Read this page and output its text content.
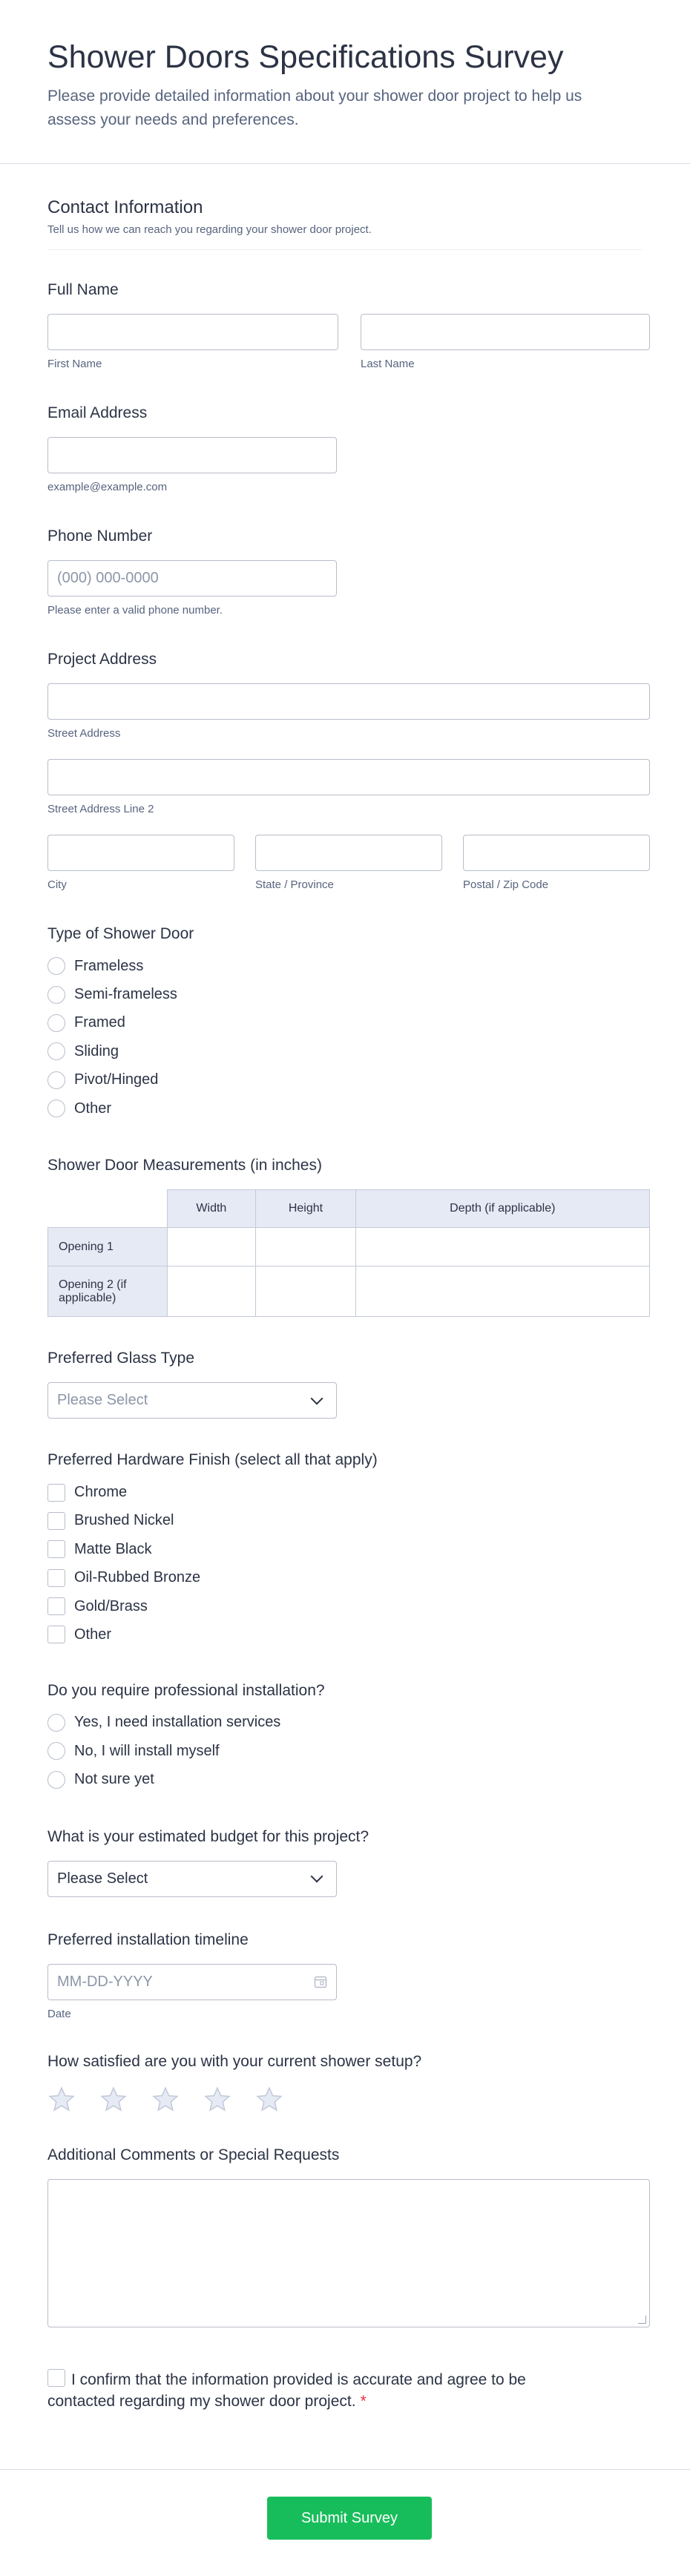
Shower Doors Specifications Survey

Please provide detailed information about your shower door project to help us assess your needs and preferences.

Contact Information
Tell us how we can reach you regarding your shower door project.
Full Name
First Name	Last Name
Email Address
example@example.com
Phone Number
(000) 000-0000
Please enter a valid phone number.
Project Address
Street Address
Street Address Line 2
City	State / Province	Postal / Zip Code
Type of Shower Door
Frameless
Semi-frameless
Framed
Sliding
Pivot/Hinged
Other
Shower Door Measurements (in inches)
	Width	Height	Depth (if applicable)
Opening 1			
Opening 2 (if applicable)			
Preferred Glass Type
Please Select
Preferred Hardware Finish (select all that apply)
Chrome
Brushed Nickel
Matte Black
Oil-Rubbed Bronze
Gold/Brass
Other
Do you require professional installation?
Yes, I need installation services
No, I will install myself
Not sure yet
What is your estimated budget for this project?
Please Select
Preferred installation timeline
MM-DD-YYYY
Date
How satisfied are you with your current shower setup?
Additional Comments or Special Requests
I confirm that the information provided is accurate and agree to be contacted regarding my shower door project. *
Submit Survey
